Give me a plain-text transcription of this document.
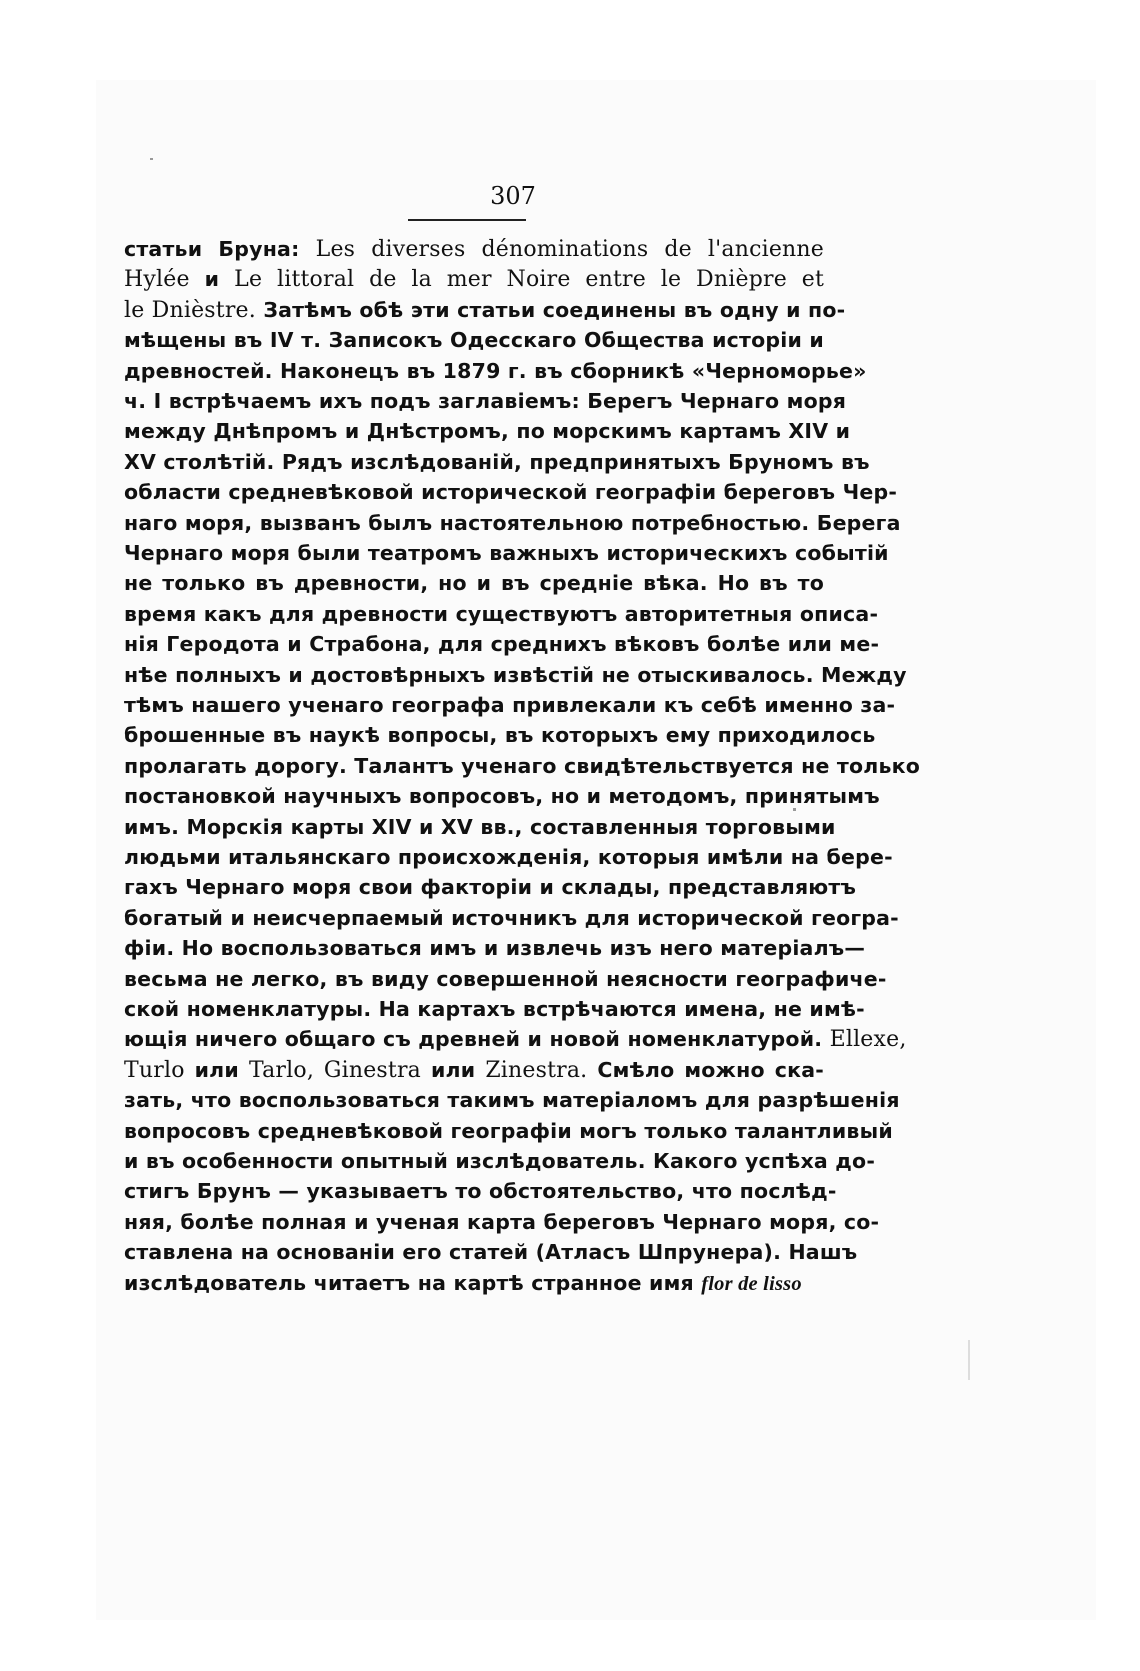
307
статьи Бруна: Les diverses dénominations de l'ancienne
Hylée и Le littoral de la mer Noire entre le Dnièpre et
le Dnièstre. Затѣмъ обѣ эти статьи соединены въ одну и по-
мѣщены въ IV т. Записокъ Одесскаго Общества исторіи и
древностей. Наконецъ въ 1879 г. въ сборникѣ «Черноморье»
ч. I встрѣчаемъ ихъ подъ заглавіемъ: Берегъ Чернаго моря
между Днѣпромъ и Днѣстромъ, по морскимъ картамъ XIV и
XV столѣтій. Рядъ изслѣдованій, предпринятыхъ Бруномъ въ
области средневѣковой исторической географіи береговъ Чер-
наго моря, вызванъ былъ настоятельною потребностью. Берега
Чернаго моря были театромъ важныхъ историческихъ событій
не только въ древности, но и въ средніе вѣка. Но въ то
время какъ для древности существуютъ авторитетныя описа-
нія Геродота и Страбона, для среднихъ вѣковъ болѣе или ме-
нѣе полныхъ и достовѣрныхъ извѣстій не отыскивалось. Между
тѣмъ нашего ученаго географа привлекали къ себѣ именно за-
брошенные въ наукѣ вопросы, въ которыхъ ему приходилось
пролагать дорогу. Талантъ ученаго свидѣтельствуется не только
постановкой научныхъ вопросовъ, но и методомъ, принятымъ
имъ. Морскія карты XIV и XV вв., составленныя торговыми
людьми итальянскаго происхожденія, которыя имѣли на бере-
гахъ Чернаго моря свои факторіи и склады, представляютъ
богатый и неисчерпаемый источникъ для исторической геогра-
фіи. Но воспользоваться имъ и извлечь изъ него матеріалъ—
весьма не легко, въ виду совершенной неясности географиче-
ской номенклатуры. На картахъ встрѣчаются имена, не имѣ-
ющія ничего общаго съ древней и новой номенклатурой. Ellexe,
Turlo или Tarlo, Ginestra или Zinestra. Смѣло можно ска-
зать, что воспользоваться такимъ матеріаломъ для разрѣшенія
вопросовъ средневѣковой географіи могъ только талантливый
и въ особенности опытный изслѣдователь. Какого успѣха до-
стигъ Брунъ — указываетъ то обстоятельство, что послѣд-
няя, болѣе полная и ученая карта береговъ Чернаго моря, со-
ставлена на основаніи его статей (Атласъ Шпрунера). Нашъ
изслѣдователь читаетъ на картѣ странное имя flor de lisso
